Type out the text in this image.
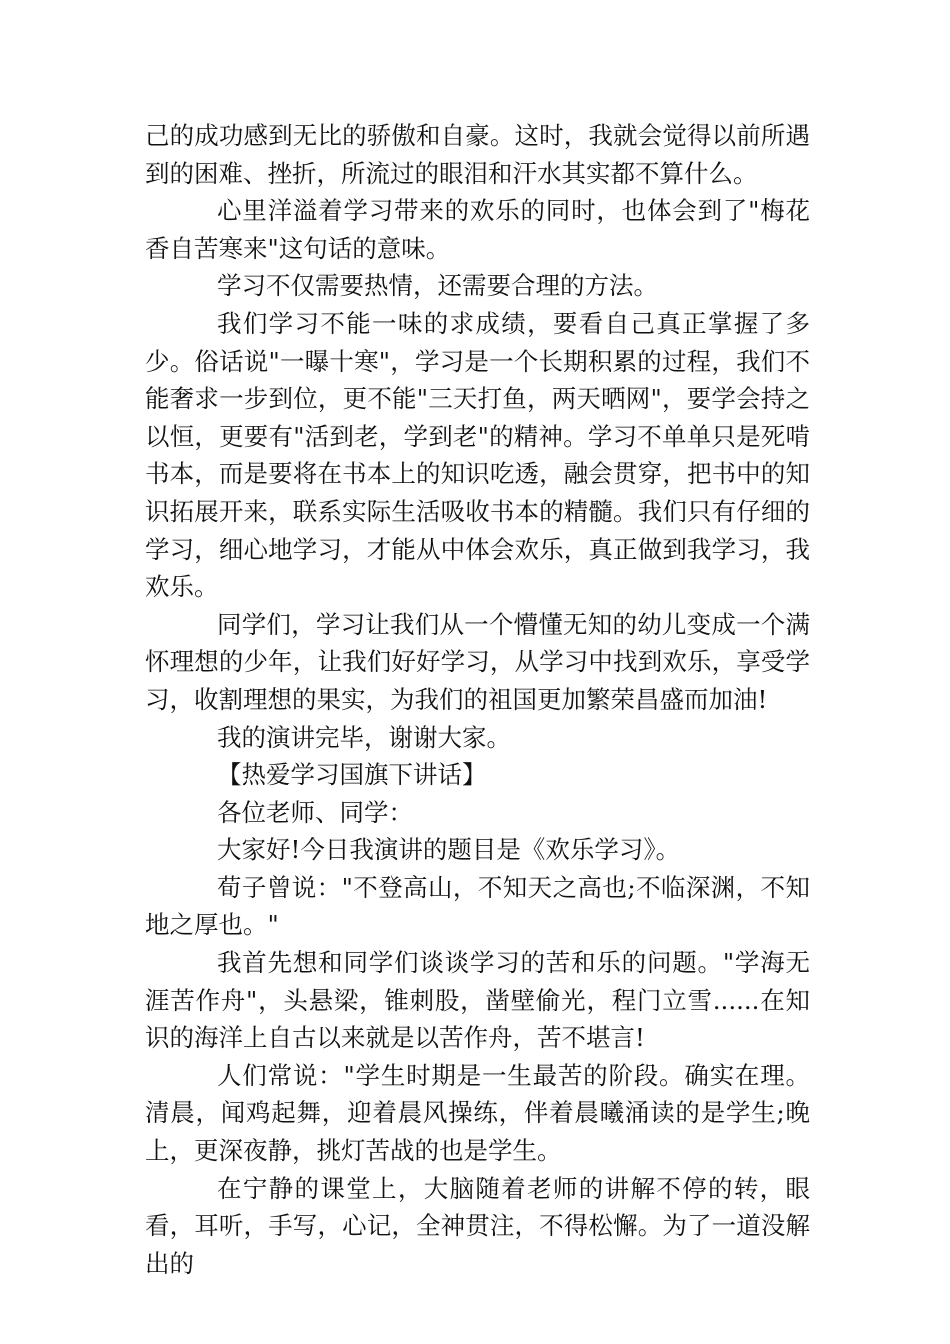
己的成功感到无比的骄傲和自豪。这时，我就会觉得以前所遇到的困难、挫折，所流过的眼泪和汗水其实都不算什么。

心里洋溢着学习带来的欢乐的同时，也体会到了"梅花香自苦寒来"这句话的意味。

学习不仅需要热情，还需要合理的方法。

我们学习不能一味的求成绩，要看自己真正掌握了多少。俗话说"一曝十寒"，学习是一个长期积累的过程，我们不能奢求一步到位，更不能"三天打鱼，两天晒网"，要学会持之以恒，更要有"活到老，学到老"的精神。学习不单单只是死啃书本，而是要将在书本上的知识吃透，融会贯穿，把书中的知识拓展开来，联系实际生活吸收书本的精髓。我们只有仔细的学习，细心地学习，才能从中体会欢乐，真正做到我学习，我欢乐。

同学们，学习让我们从一个懵懂无知的幼儿变成一个满怀理想的少年，让我们好好学习，从学习中找到欢乐，享受学习，收割理想的果实，为我们的祖国更加繁荣昌盛而加油!

我的演讲完毕，谢谢大家。

【热爱学习国旗下讲话】

各位老师、同学：

大家好!今日我演讲的题目是《欢乐学习》。

荀子曾说："不登高山，不知天之高也;不临深渊，不知地之厚也。"

我首先想和同学们谈谈学习的苦和乐的问题。"学海无涯苦作舟"，头悬梁，锥刺股，凿壁偷光，程门立雪......在知识的海洋上自古以来就是以苦作舟，苦不堪言!

人们常说："学生时期是一生最苦的阶段。确实在理。清晨，闻鸡起舞，迎着晨风操练，伴着晨曦涌读的是学生;晚上，更深夜静，挑灯苦战的也是学生。

在宁静的课堂上，大脑随着老师的讲解不停的转，眼看，耳听，手写，心记，全神贯注，不得松懈。为了一道没解出的
